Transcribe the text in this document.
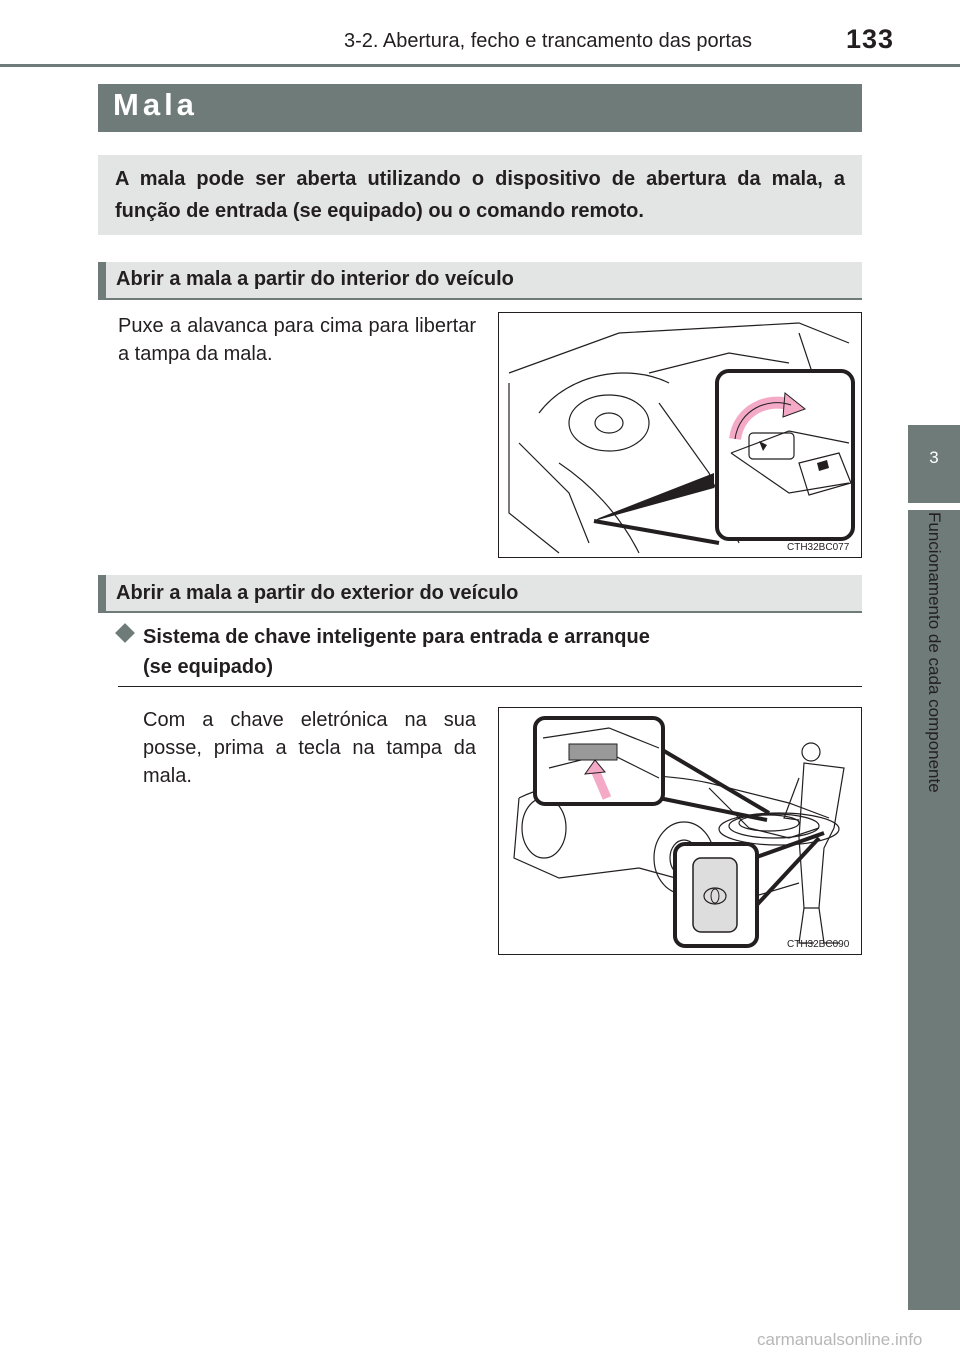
3-2. Abertura, fecho e trancamento das portas	133
3
Funcionamento de cada componente
Mala
A mala pode ser aberta utilizando o dispositivo de abertura da mala, a função de entrada (se equipado) ou o comando remoto.
Abrir a mala a partir do interior do veículo
Puxe a alavanca para cima para libertar a tampa da mala.
CTH32BC077
Abrir a mala a partir do exterior do veículo
Sistema de chave inteligente para entrada e arranque
(se equipado)
Com a chave eletrónica na sua posse, prima a tecla na tampa da mala.
CTH32BC090
carmanualsonline.info
